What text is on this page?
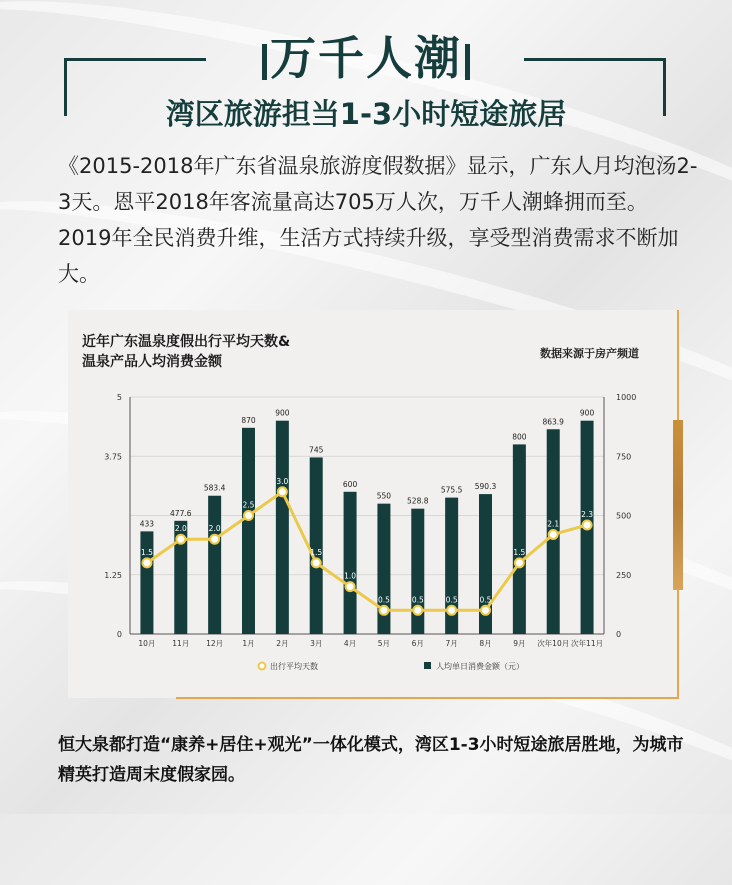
万千人潮
湾区旅游担当1-3小时短途旅居
《2015-2018年广东省温泉旅游度假数据》显示，广东人月均泡汤2-3天。恩平2018年客流量高达705万人次，万千人潮蜂拥而至。2019年全民消费升维，生活方式持续升级，享受型消费需求不断加大。
近年广东温泉度假出行平均天数&
温泉产品人均消费金额
数据来源于房产频道
0
1.25
3.75
5
0
250
500
750
1000
10月 11月 12月	1月	2月	3月	4月	5月	6月	7月	8月	9月 次年10月 次年11月
433
477.6
583.4
870
900
745
600
550
528.8
575.5 590.3
800
863.9
900
1.5
2.0	2.0
2.5
3.0
1.5
1.0
0.5	0.5	0.5	0.5
1.5
2.1
2.3
出行平均天数	人均单日消费金额（元）
恒大泉都打造“康养+居住+观光”一体化模式，湾区1-3小时短途旅居胜地，为城市精英打造周末度假家园。
